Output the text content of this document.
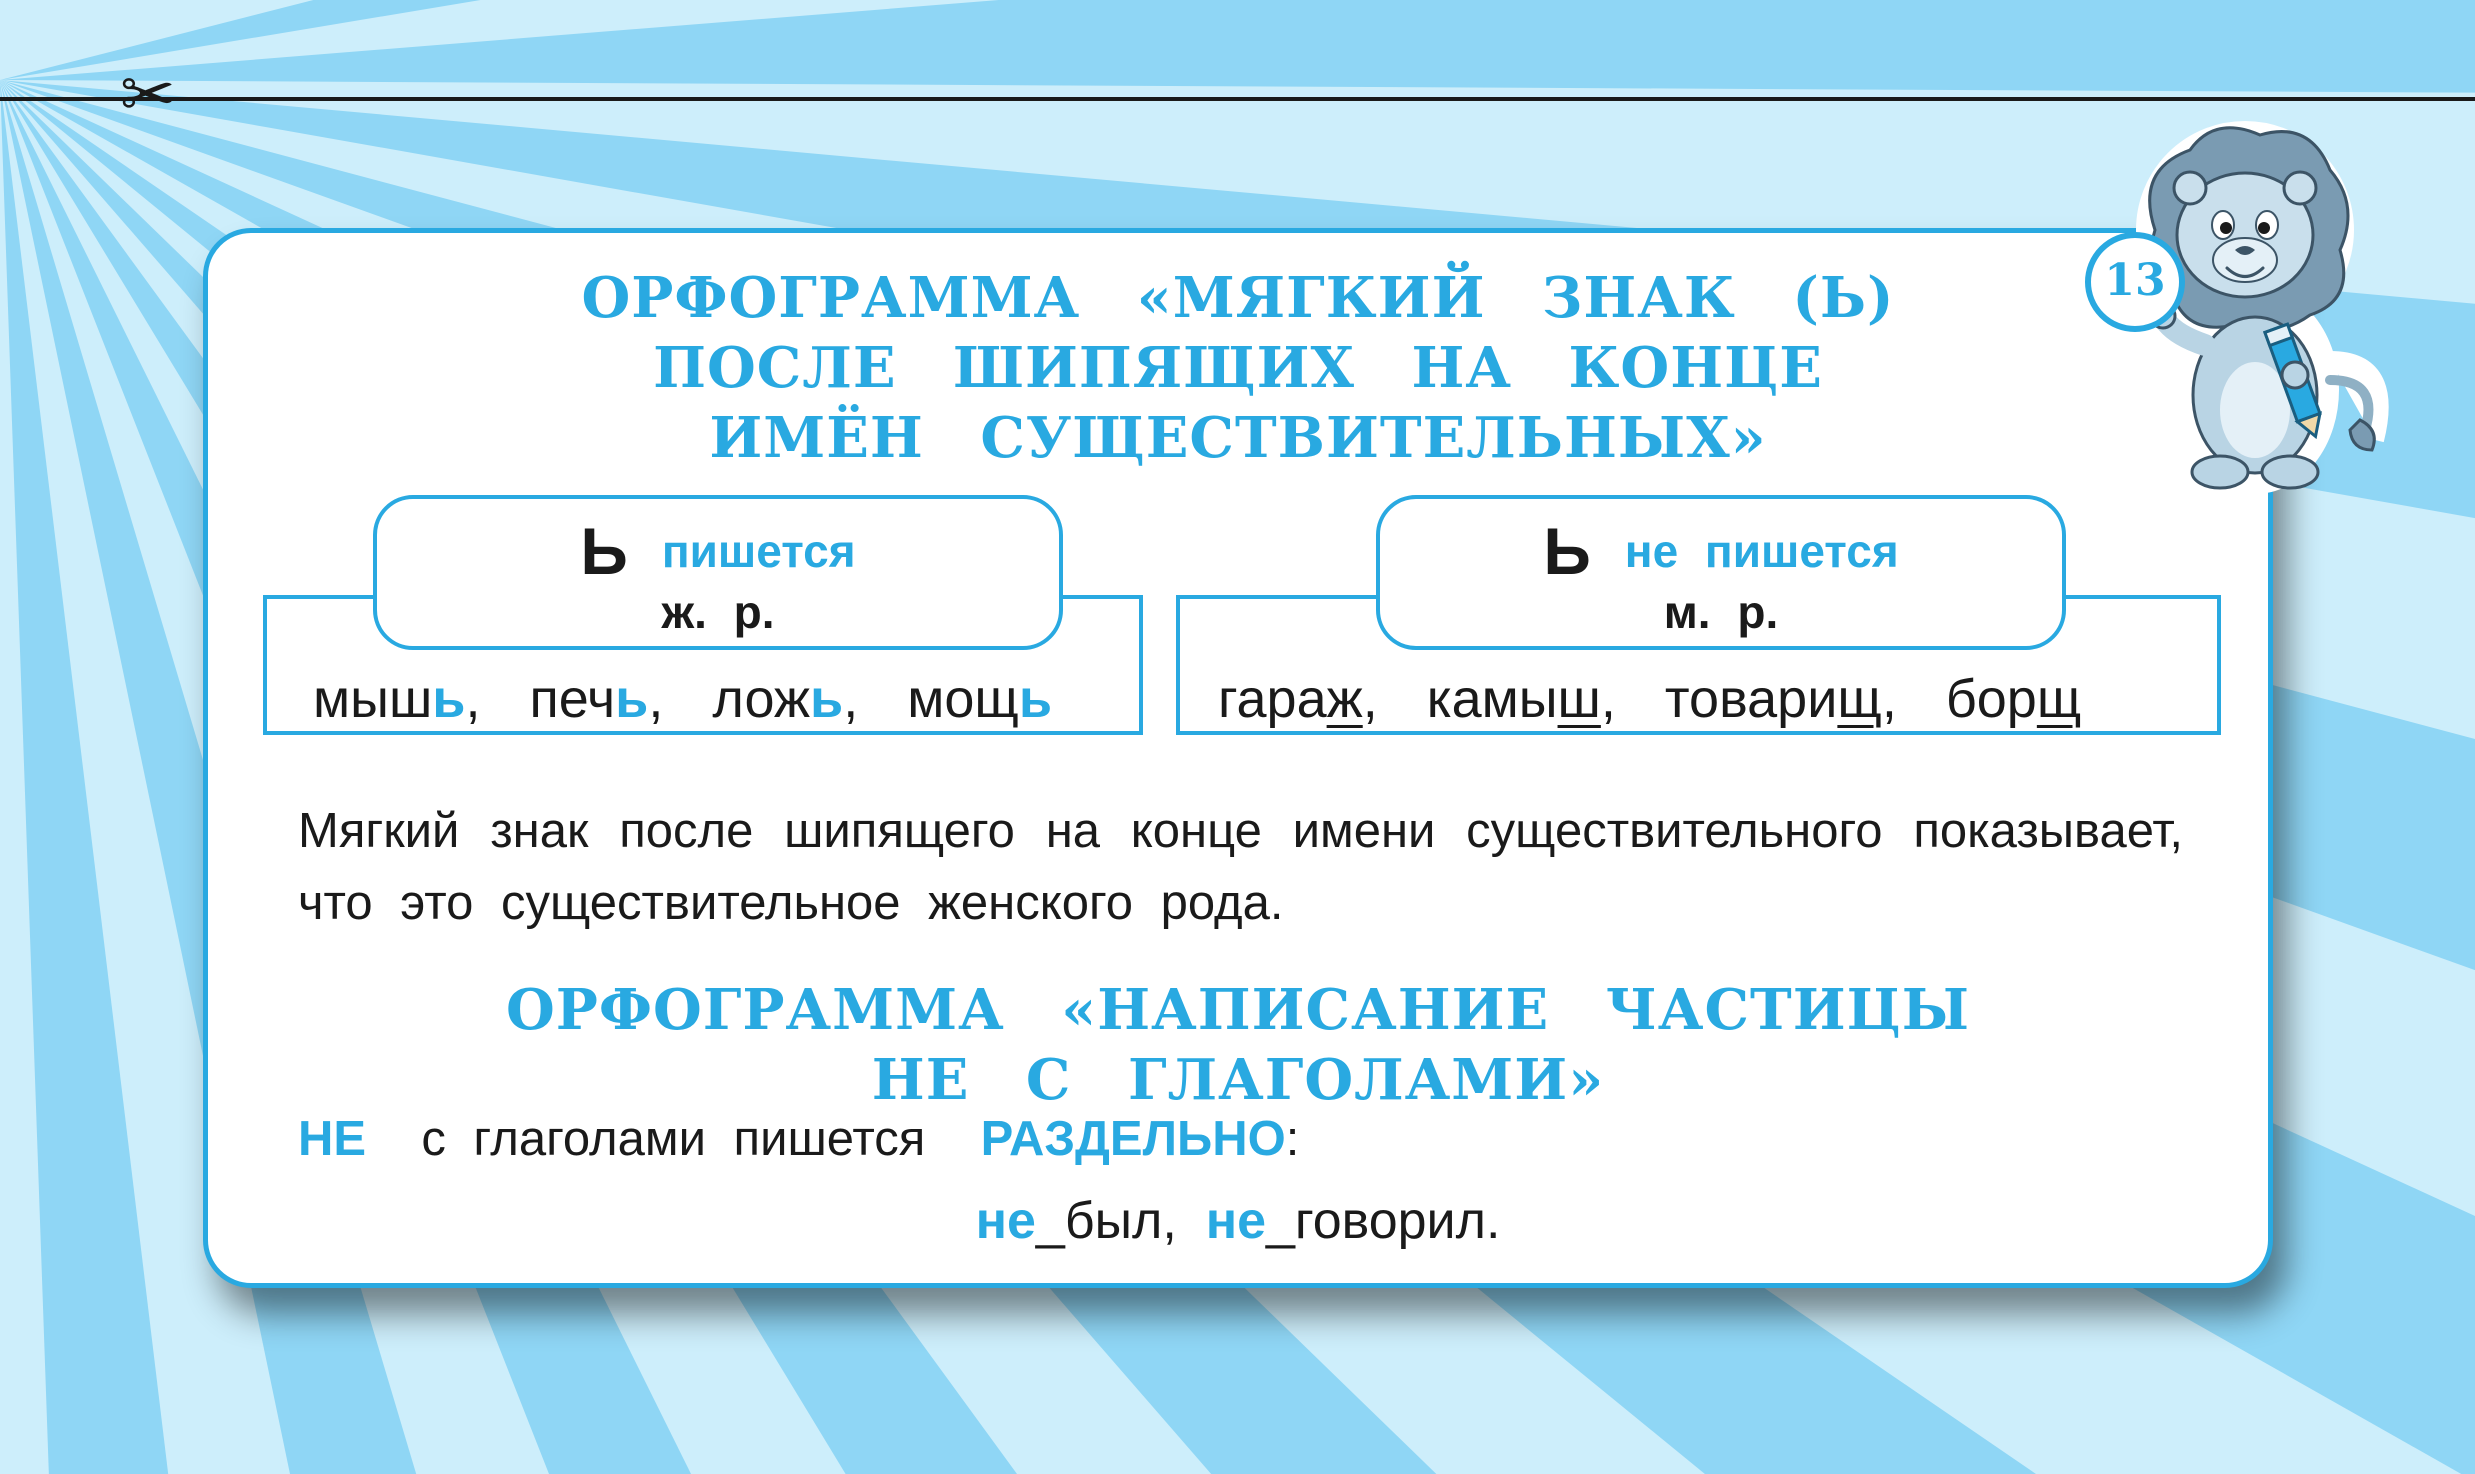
✂
ОРФОГРАММА «МЯГКИЙ ЗНАК (Ь)
ПОСЛЕ ШИПЯЩИХ НА КОНЦЕ
ИМЁН СУЩЕСТВИТЕЛЬНЫХ»
Ь пишется
ж. р.
Ь не пишется
м. р.
мышь, печь, ложь, мощь	гараж, камыш, товарищ, борщ
Мягкий знак после шипящего на конце имени существительного показывает, что это существительное женского рода.
ОРФОГРАММА «НАПИСАНИЕ ЧАСТИЦЫ
НЕ С ГЛАГОЛАМИ»
НЕ с глаголами пишется РАЗДЕЛЬНО:
не_был,  не_говорил.
13
